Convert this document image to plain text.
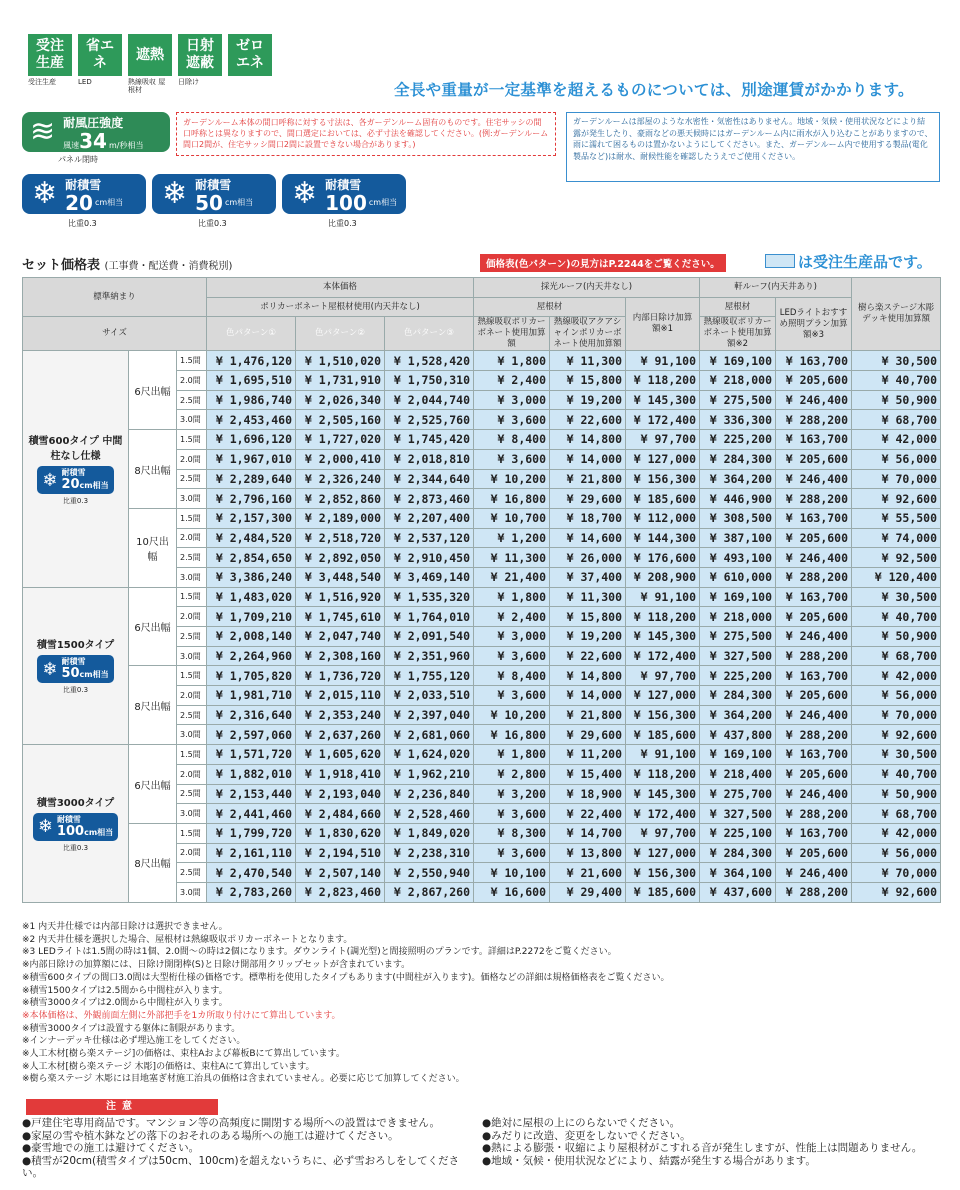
受注生産
省エネ
遮熱
日射遮蔽
ゼロエネ
受注生産	LED	熱線吸収 屋根材
日除け	全長や重量が一定基準を超えるものについては、別途運賃がかかります。
≋ 耐風圧強度
風速 34 m/秒相当
パネル閉時
❄ 耐積雪
20 cm相当
比重0.3
❄ 耐積雪
50 cm相当
比重0.3
❄ 耐積雪
100 cm相当
比重0.3
ガーデンルーム本体の間口呼称に対する寸法は、各ガーデンルーム固有のものです。住宅サッシの間口呼称とは異なりますので、間口選定においては、必ず寸法を確認してください。(例:ガーデンルーム間口2間が、住宅サッシ間口2間に設置できない場合があります。)
ガーデンルームは部屋のような水密性・気密性はありません。地域・気候・使用状況などにより結露が発生したり、豪雨などの悪天候時にはガーデンルーム内に雨水が入り込むことがありますので、雨に濡れて困るものは置かないようにしてください。また、ガーデンルーム内で使用する製品(電化製品など)は耐水、耐候性能を確認したうえでご使用ください。
セット価格表 (工事費・配送費・消費税別)	価格表(色パターン)の見方はP.2244をご覧ください。	は受注生産品です。
標準納まり			本体価格			採光ルーフ(内天井なし)			軒ルーフ(内天井あり)		樹ら楽ステージ木彫デッキ使用加算額
			ポリカーボネート屋根材使用(内天井なし)			屋根材		内部日除け加算額※1	屋根材	LEDライトおすすめ照明プラン加算額※3	
			色パターン①	色パターン②	色パターン③	熱線吸収ポリカーボネート使用加算額	熱線吸収アクアシャインポリカーボネート使用加算額		熱線吸収ポリカーボネート使用加算額※2		
サイズ											

積雪600タイプ 中間柱なし仕様
❄ 耐積雪
20cm相当
比重0.3	6尺出幅	1.5間	¥ 1,476,120	¥ 1,510,020	¥ 1,528,420	¥ 1,800	¥ 11,300	¥ 91,100	¥ 169,100	¥ 163,700	¥ 30,500
		2.0間	¥ 1,695,510	¥ 1,731,910	¥ 1,750,310	¥ 2,400	¥ 15,800	¥ 118,200	¥ 218,000	¥ 205,600	¥ 40,700
		2.5間	¥ 1,986,740	¥ 2,026,340	¥ 2,044,740	¥ 3,000	¥ 19,200	¥ 145,300	¥ 275,500	¥ 246,400	¥ 50,900
		3.0間	¥ 2,453,460	¥ 2,505,160	¥ 2,525,760	¥ 3,600	¥ 22,600	¥ 172,400	¥ 336,300	¥ 288,200	¥ 68,700
	8尺出幅	1.5間	¥ 1,696,120	¥ 1,727,020	¥ 1,745,420	¥ 8,400	¥ 14,800	¥ 97,700	¥ 225,200	¥ 163,700	¥ 42,000
		2.0間	¥ 1,967,010	¥ 2,000,410	¥ 2,018,810	¥ 3,600	¥ 14,000	¥ 127,000	¥ 284,300	¥ 205,600	¥ 56,000
		2.5間	¥ 2,289,640	¥ 2,326,240	¥ 2,344,640	¥ 10,200	¥ 21,800	¥ 156,300	¥ 364,200	¥ 246,400	¥ 70,000
		3.0間	¥ 2,796,160	¥ 2,852,860	¥ 2,873,460	¥ 16,800	¥ 29,600	¥ 185,600	¥ 446,900	¥ 288,200	¥ 92,600
	10尺出幅	1.5間	¥ 2,157,300	¥ 2,189,000	¥ 2,207,400	¥ 10,700	¥ 18,700	¥ 112,000	¥ 308,500	¥ 163,700	¥ 55,500
		2.0間	¥ 2,484,520	¥ 2,518,720	¥ 2,537,120	¥ 1,200	¥ 14,600	¥ 144,300	¥ 387,100	¥ 205,600	¥ 74,000
		2.5間	¥ 2,854,650	¥ 2,892,050	¥ 2,910,450	¥ 11,300	¥ 26,000	¥ 176,600	¥ 493,100	¥ 246,400	¥ 92,500
		3.0間	¥ 3,386,240	¥ 3,448,540	¥ 3,469,140	¥ 21,400	¥ 37,400	¥ 208,900	¥ 610,000	¥ 288,200	¥ 120,400

積雪1500タイプ
❄ 耐積雪
50cm相当
比重0.3	6尺出幅	1.5間	¥ 1,483,020	¥ 1,516,920	¥ 1,535,320	¥ 1,800	¥ 11,300	¥ 91,100	¥ 169,100	¥ 163,700	¥ 30,500
		2.0間	¥ 1,709,210	¥ 1,745,610	¥ 1,764,010	¥ 2,400	¥ 15,800	¥ 118,200	¥ 218,000	¥ 205,600	¥ 40,700
		2.5間	¥ 2,008,140	¥ 2,047,740	¥ 2,091,540	¥ 3,000	¥ 19,200	¥ 145,300	¥ 275,500	¥ 246,400	¥ 50,900
		3.0間	¥ 2,264,960	¥ 2,308,160	¥ 2,351,960	¥ 3,600	¥ 22,600	¥ 172,400	¥ 327,500	¥ 288,200	¥ 68,700
	8尺出幅	1.5間	¥ 1,705,820	¥ 1,736,720	¥ 1,755,120	¥ 8,400	¥ 14,800	¥ 97,700	¥ 225,200	¥ 163,700	¥ 42,000
		2.0間	¥ 1,981,710	¥ 2,015,110	¥ 2,033,510	¥ 3,600	¥ 14,000	¥ 127,000	¥ 284,300	¥ 205,600	¥ 56,000
		2.5間	¥ 2,316,640	¥ 2,353,240	¥ 2,397,040	¥ 10,200	¥ 21,800	¥ 156,300	¥ 364,200	¥ 246,400	¥ 70,000
		3.0間	¥ 2,597,060	¥ 2,637,260	¥ 2,681,060	¥ 16,800	¥ 29,600	¥ 185,600	¥ 437,800	¥ 288,200	¥ 92,600

積雪3000タイプ
❄ 耐積雪
100cm相当
比重0.3	6尺出幅	1.5間	¥ 1,571,720	¥ 1,605,620	¥ 1,624,020	¥ 1,800	¥ 11,200	¥ 91,100	¥ 169,100	¥ 163,700	¥ 30,500
		2.0間	¥ 1,882,010	¥ 1,918,410	¥ 1,962,210	¥ 2,800	¥ 15,400	¥ 118,200	¥ 218,400	¥ 205,600	¥ 40,700
		2.5間	¥ 2,153,440	¥ 2,193,040	¥ 2,236,840	¥ 3,200	¥ 18,900	¥ 145,300	¥ 275,700	¥ 246,400	¥ 50,900
		3.0間	¥ 2,441,460	¥ 2,484,660	¥ 2,528,460	¥ 3,600	¥ 22,400	¥ 172,400	¥ 327,500	¥ 288,200	¥ 68,700
	8尺出幅	1.5間	¥ 1,799,720	¥ 1,830,620	¥ 1,849,020	¥ 8,300	¥ 14,700	¥ 97,700	¥ 225,100	¥ 163,700	¥ 42,000
		2.0間	¥ 2,161,110	¥ 2,194,510	¥ 2,238,310	¥ 3,600	¥ 13,800	¥ 127,000	¥ 284,300	¥ 205,600	¥ 56,000
		2.5間	¥ 2,470,540	¥ 2,507,140	¥ 2,550,940	¥ 10,100	¥ 21,600	¥ 156,300	¥ 364,100	¥ 246,400	¥ 70,000
		3.0間	¥ 2,783,260	¥ 2,823,460	¥ 2,867,260	¥ 16,600	¥ 29,400	¥ 185,600	¥ 437,600	¥ 288,200	¥ 92,600
※1 内天井仕様では内部日除けは選択できません。
※2 内天井仕様を選択した場合、屋根材は熱線吸収ポリカーボネートとなります。
※3 LEDライトは1.5間の時は1個、2.0間～の時は2個になります。ダウンライト(調光型)と間接照明のプランです。詳細はP.2272をご覧ください。
※内部日除けの加算額には、日除け開閉棒(S)と日除け開部用クリップセットが含まれています。
※積雪600タイプの間口3.0間は大型桁仕様の価格です。標準桁を使用したタイプもあります(中間柱が入ります)。価格などの詳細は規格価格表をご覧ください。
※積雪1500タイプは2.5間から中間柱が入ります。
※積雪3000タイプは2.0間から中間柱が入ります。
※本体価格は、外観前面左側に外部把手を1カ所取り付けにて算出しています。
※積雪3000タイプは設置する躯体に制限があります。
※インナーデッキ仕様は必ず埋込施工をしてください。
※人工木材[樹ら楽ステージ]の価格は、束柱Aおよび幕板Bにて算出しています。
※人工木材[樹ら楽ステージ 木彫]の価格は、束柱Aにて算出しています。
※樹ら楽ステージ 木彫には目地塞ぎ材施工治具の価格は含まれていません。必要に応じて加算してください。
注意
●戸建住宅専用商品です。マンション等の高頻度に開閉する場所への設置はできません。
●家屋の雪や植木鉢などの落下のおそれのある場所への施工は避けてください。
●豪雪地での施工は避けてください。
●積雪が20cm(積雪タイプは50cm、100cm)を超えないうちに、必ず雪おろしをしてください。
●絶対に屋根の上にのらないでください。
●みだりに改造、変更をしないでください。
●熱による膨張・収縮により屋根材がこすれる音が発生しますが、性能上は問題ありません。
●地域・気候・使用状況などにより、結露が発生する場合があります。
